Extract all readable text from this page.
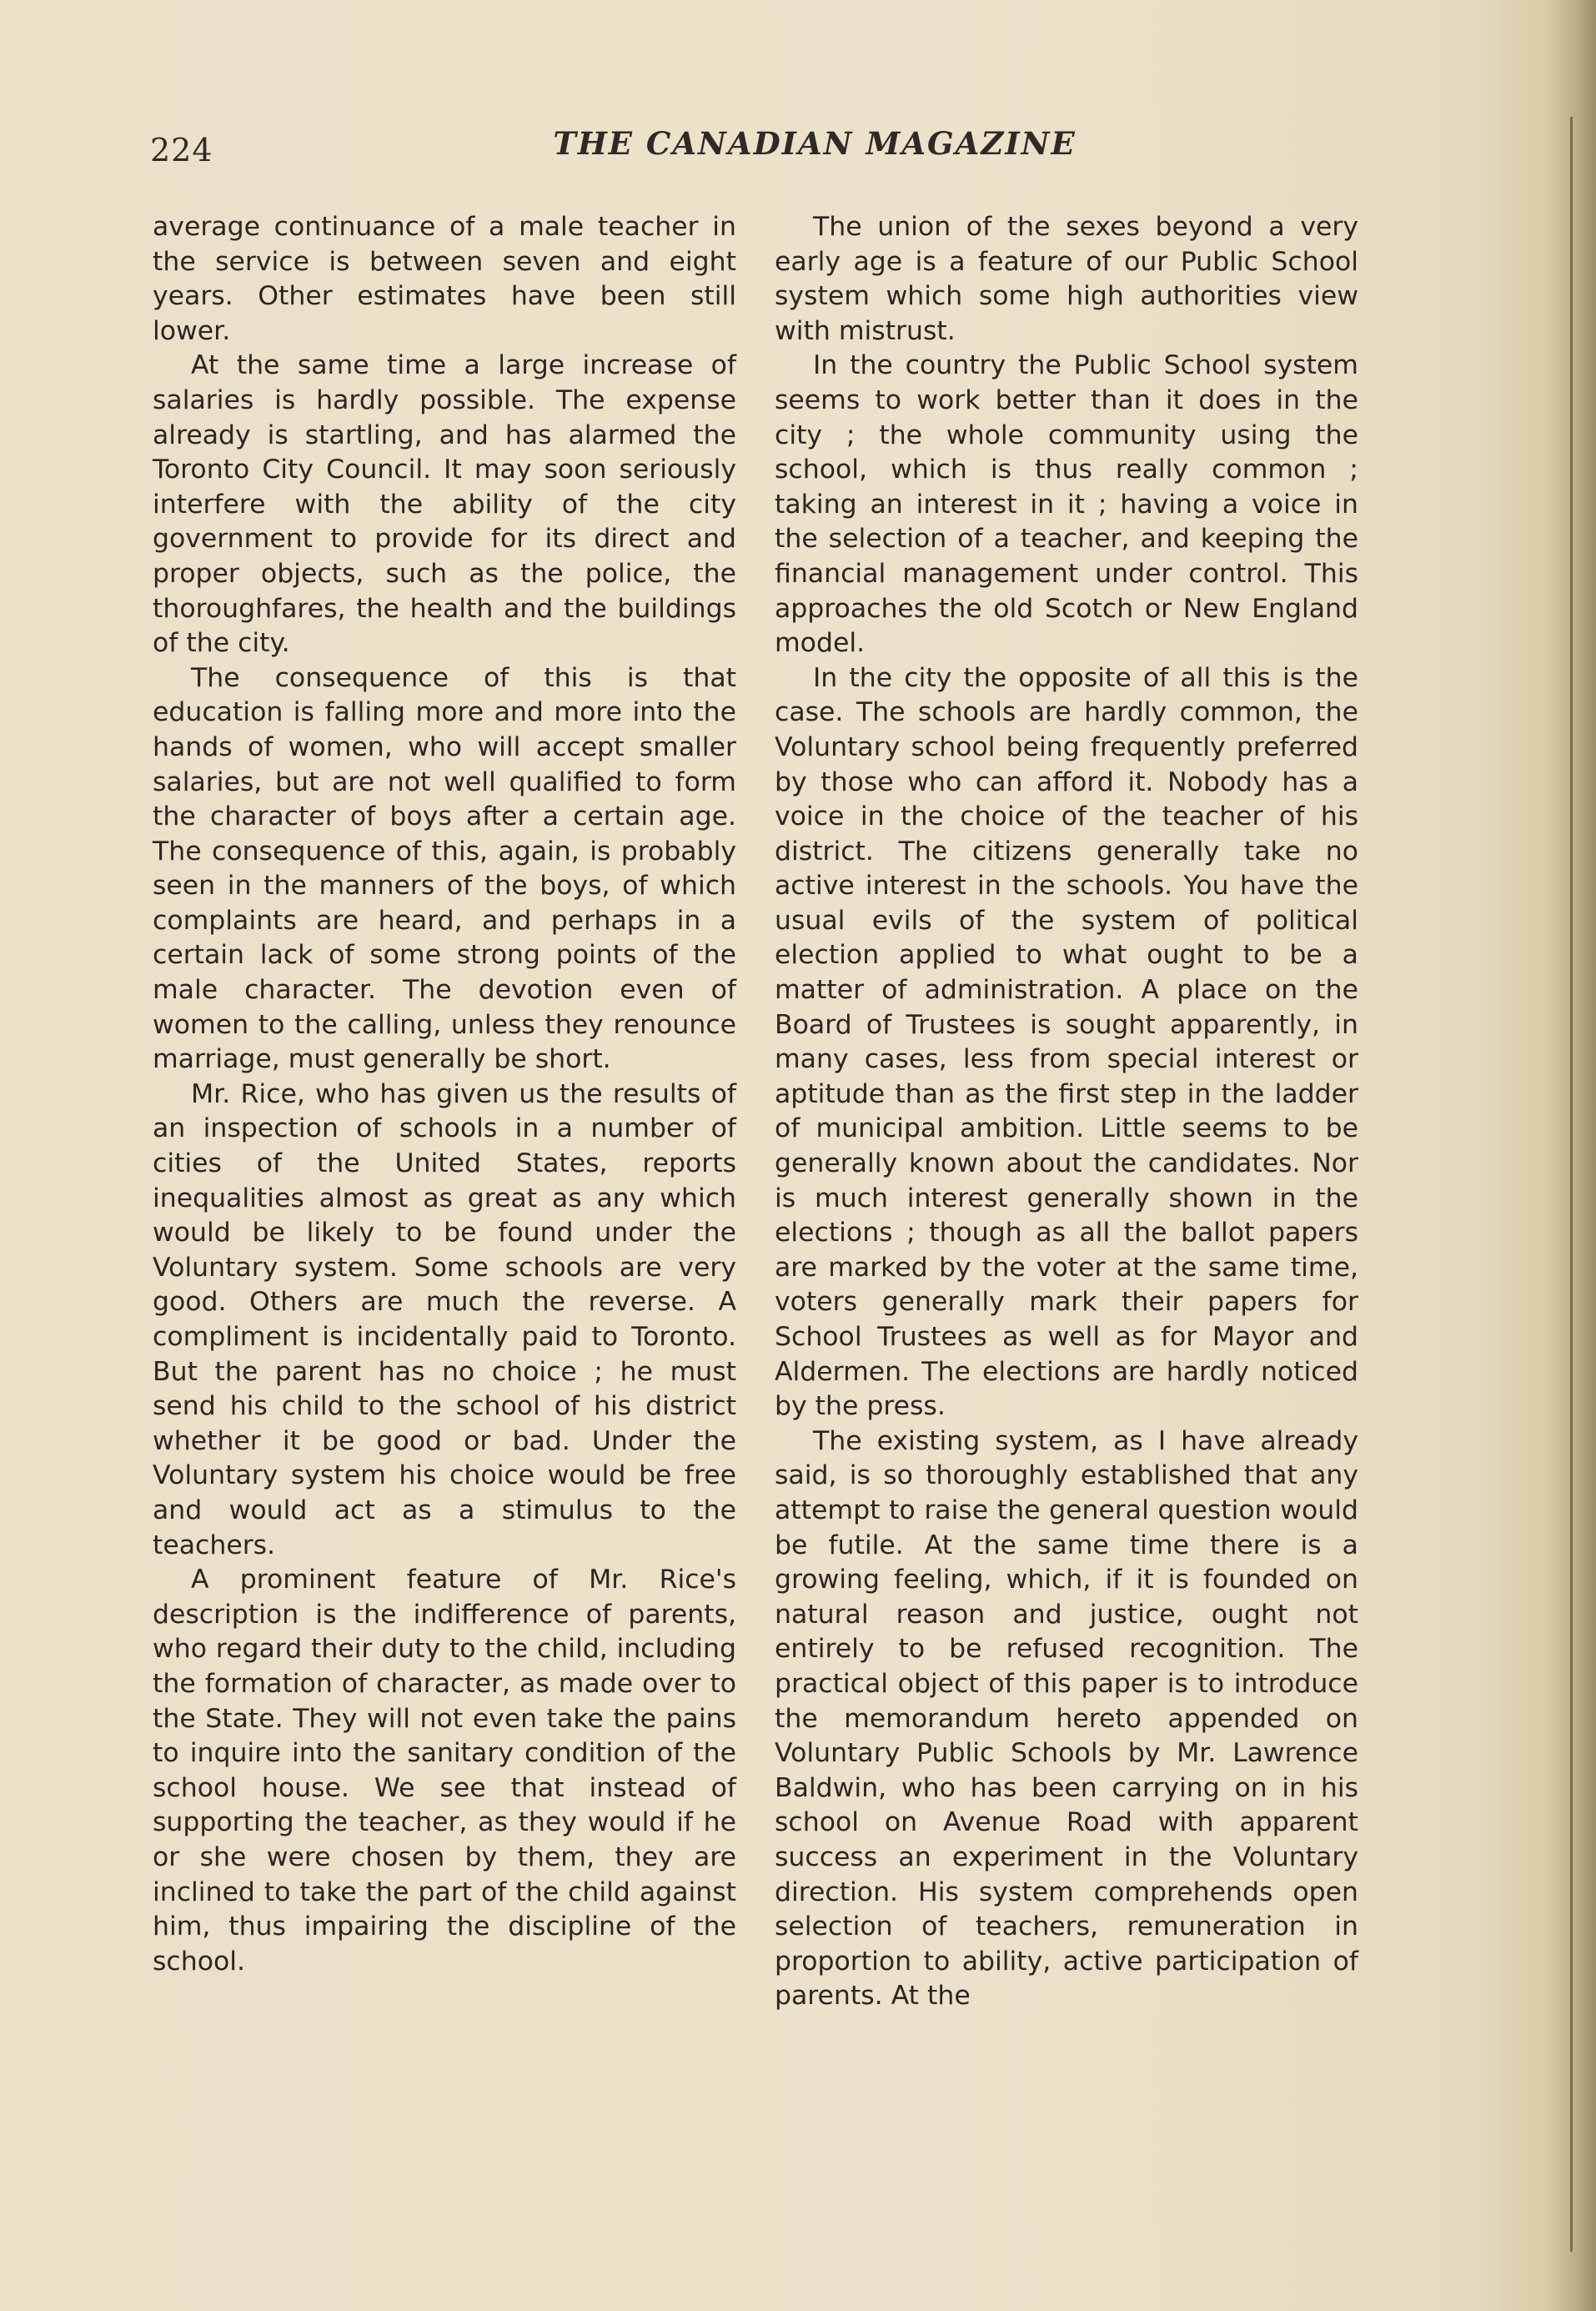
224	THE CANADIAN MAGAZINE

average continuance of a male teacher in the service is between seven and eight years. Other estimates have been still lower.

At the same time a large increase of salaries is hardly possible. The expense already is startling, and has alarmed the Toronto City Council. It may soon seriously interfere with the ability of the city government to provide for its direct and proper objects, such as the police, the thoroughfares, the health and the buildings of the city.

The consequence of this is that education is falling more and more into the hands of women, who will accept smaller salaries, but are not well qualified to form the character of boys after a certain age. The consequence of this, again, is probably seen in the manners of the boys, of which complaints are heard, and perhaps in a certain lack of some strong points of the male character. The devotion even of women to the calling, unless they renounce marriage, must generally be short.

Mr. Rice, who has given us the results of an inspection of schools in a number of cities of the United States, reports inequalities almost as great as any which would be likely to be found under the Voluntary system. Some schools are very good. Others are much the reverse. A compliment is incidentally paid to Toronto. But the parent has no choice ; he must send his child to the school of his district whether it be good or bad. Under the Voluntary system his choice would be free and would act as a stimulus to the teachers.

A prominent feature of Mr. Rice's description is the indifference of parents, who regard their duty to the child, including the formation of character, as made over to the State. They will not even take the pains to inquire into the sanitary condition of the school house. We see that instead of supporting the teacher, as they would if he or she were chosen by them, they are inclined to take the part of the child against him, thus impairing the discipline of the school.

The union of the sexes beyond a very early age is a feature of our Public School system which some high authorities view with mistrust.

In the country the Public School system seems to work better than it does in the city ; the whole community using the school, which is thus really common ; taking an interest in it ; having a voice in the selection of a teacher, and keeping the financial management under control. This approaches the old Scotch or New England model.

In the city the opposite of all this is the case. The schools are hardly common, the Voluntary school being frequently preferred by those who can afford it. Nobody has a voice in the choice of the teacher of his district. The citizens generally take no active interest in the schools. You have the usual evils of the system of political election applied to what ought to be a matter of administration. A place on the Board of Trustees is sought apparently, in many cases, less from special interest or aptitude than as the first step in the ladder of municipal ambition. Little seems to be generally known about the candidates. Nor is much interest generally shown in the elections ; though as all the ballot papers are marked by the voter at the same time, voters generally mark their papers for School Trustees as well as for Mayor and Aldermen. The elections are hardly noticed by the press.

The existing system, as I have already said, is so thoroughly established that any attempt to raise the general question would be futile. At the same time there is a growing feeling, which, if it is founded on natural reason and justice, ought not entirely to be refused recognition. The practical object of this paper is to introduce the memorandum hereto appended on Voluntary Public Schools by Mr. Lawrence Baldwin, who has been carrying on in his school on Avenue Road with apparent success an experiment in the Voluntary direction. His system comprehends open selection of teachers, remuneration in proportion to ability, active participation of parents. At the
